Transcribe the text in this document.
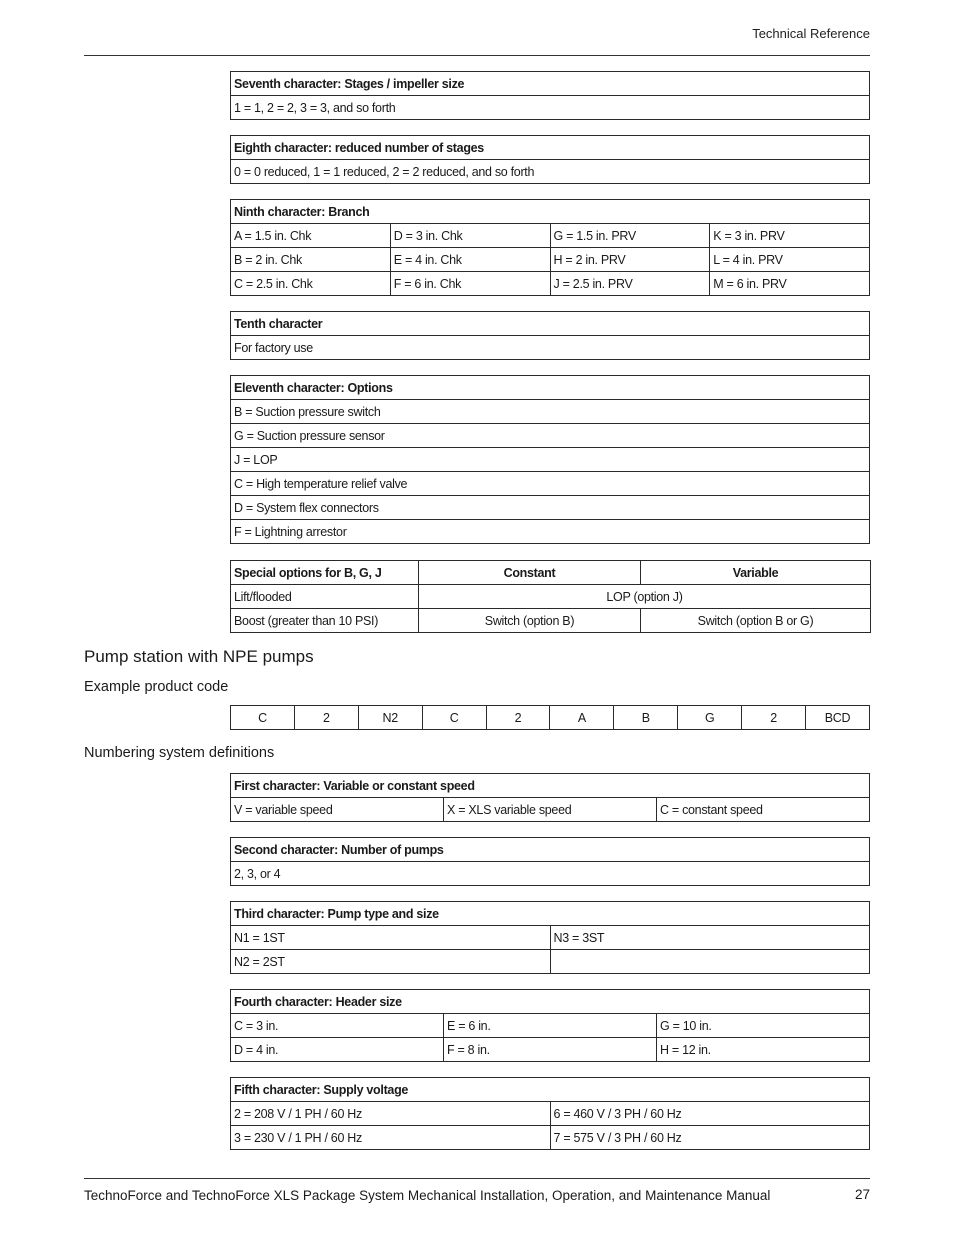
Technical Reference
Seventh character: Stages / impeller size
1 = 1, 2 = 2, 3 = 3, and so forth
Eighth character: reduced number of stages
0 = 0 reduced, 1 = 1 reduced, 2 = 2 reduced, and so forth
Ninth character: Branch			
A = 1.5 in. Chk	D = 3 in. Chk	G = 1.5 in. PRV	K = 3 in. PRV
B = 2 in. Chk	E = 4 in. Chk	H = 2 in. PRV	L = 4 in. PRV
C = 2.5 in. Chk	F = 6 in. Chk	J = 2.5 in. PRV	M = 6 in. PRV
Tenth character
For factory use
Eleventh character: Options
B = Suction pressure switch
G = Suction pressure sensor
J = LOP
C = High temperature relief valve
D = System flex connectors
F = Lightning arrestor
Special options for B, G, J	Constant	Variable
Lift/flooded	LOP (option J)	
Boost (greater than 10 PSI)	Switch (option B)	Switch (option B or G)
Pump station with NPE pumps
Example product code
C	2	N2	C	2	A	B	G	2	BCD
Numbering system definitions
First character: Variable or constant speed
V = variable speed	X = XLS variable speed	C = constant speed
Second character: Number of pumps
2, 3, or 4
Third character: Pump type and size	
N1 = 1ST	N3 = 3ST
N2 = 2ST	
Fourth character: Header size		
C = 3 in.	E = 6 in.	G = 10 in.
D = 4 in.	F = 8 in.	H = 12 in.
Fifth character: Supply voltage	
2 = 208 V / 1 PH / 60 Hz	6 = 460 V / 3 PH / 60 Hz
3 = 230 V / 1 PH / 60 Hz	7 = 575 V / 3 PH / 60 Hz
TechnoForce and TechnoForce XLS Package System Mechanical Installation, Operation, and Maintenance Manual	27
